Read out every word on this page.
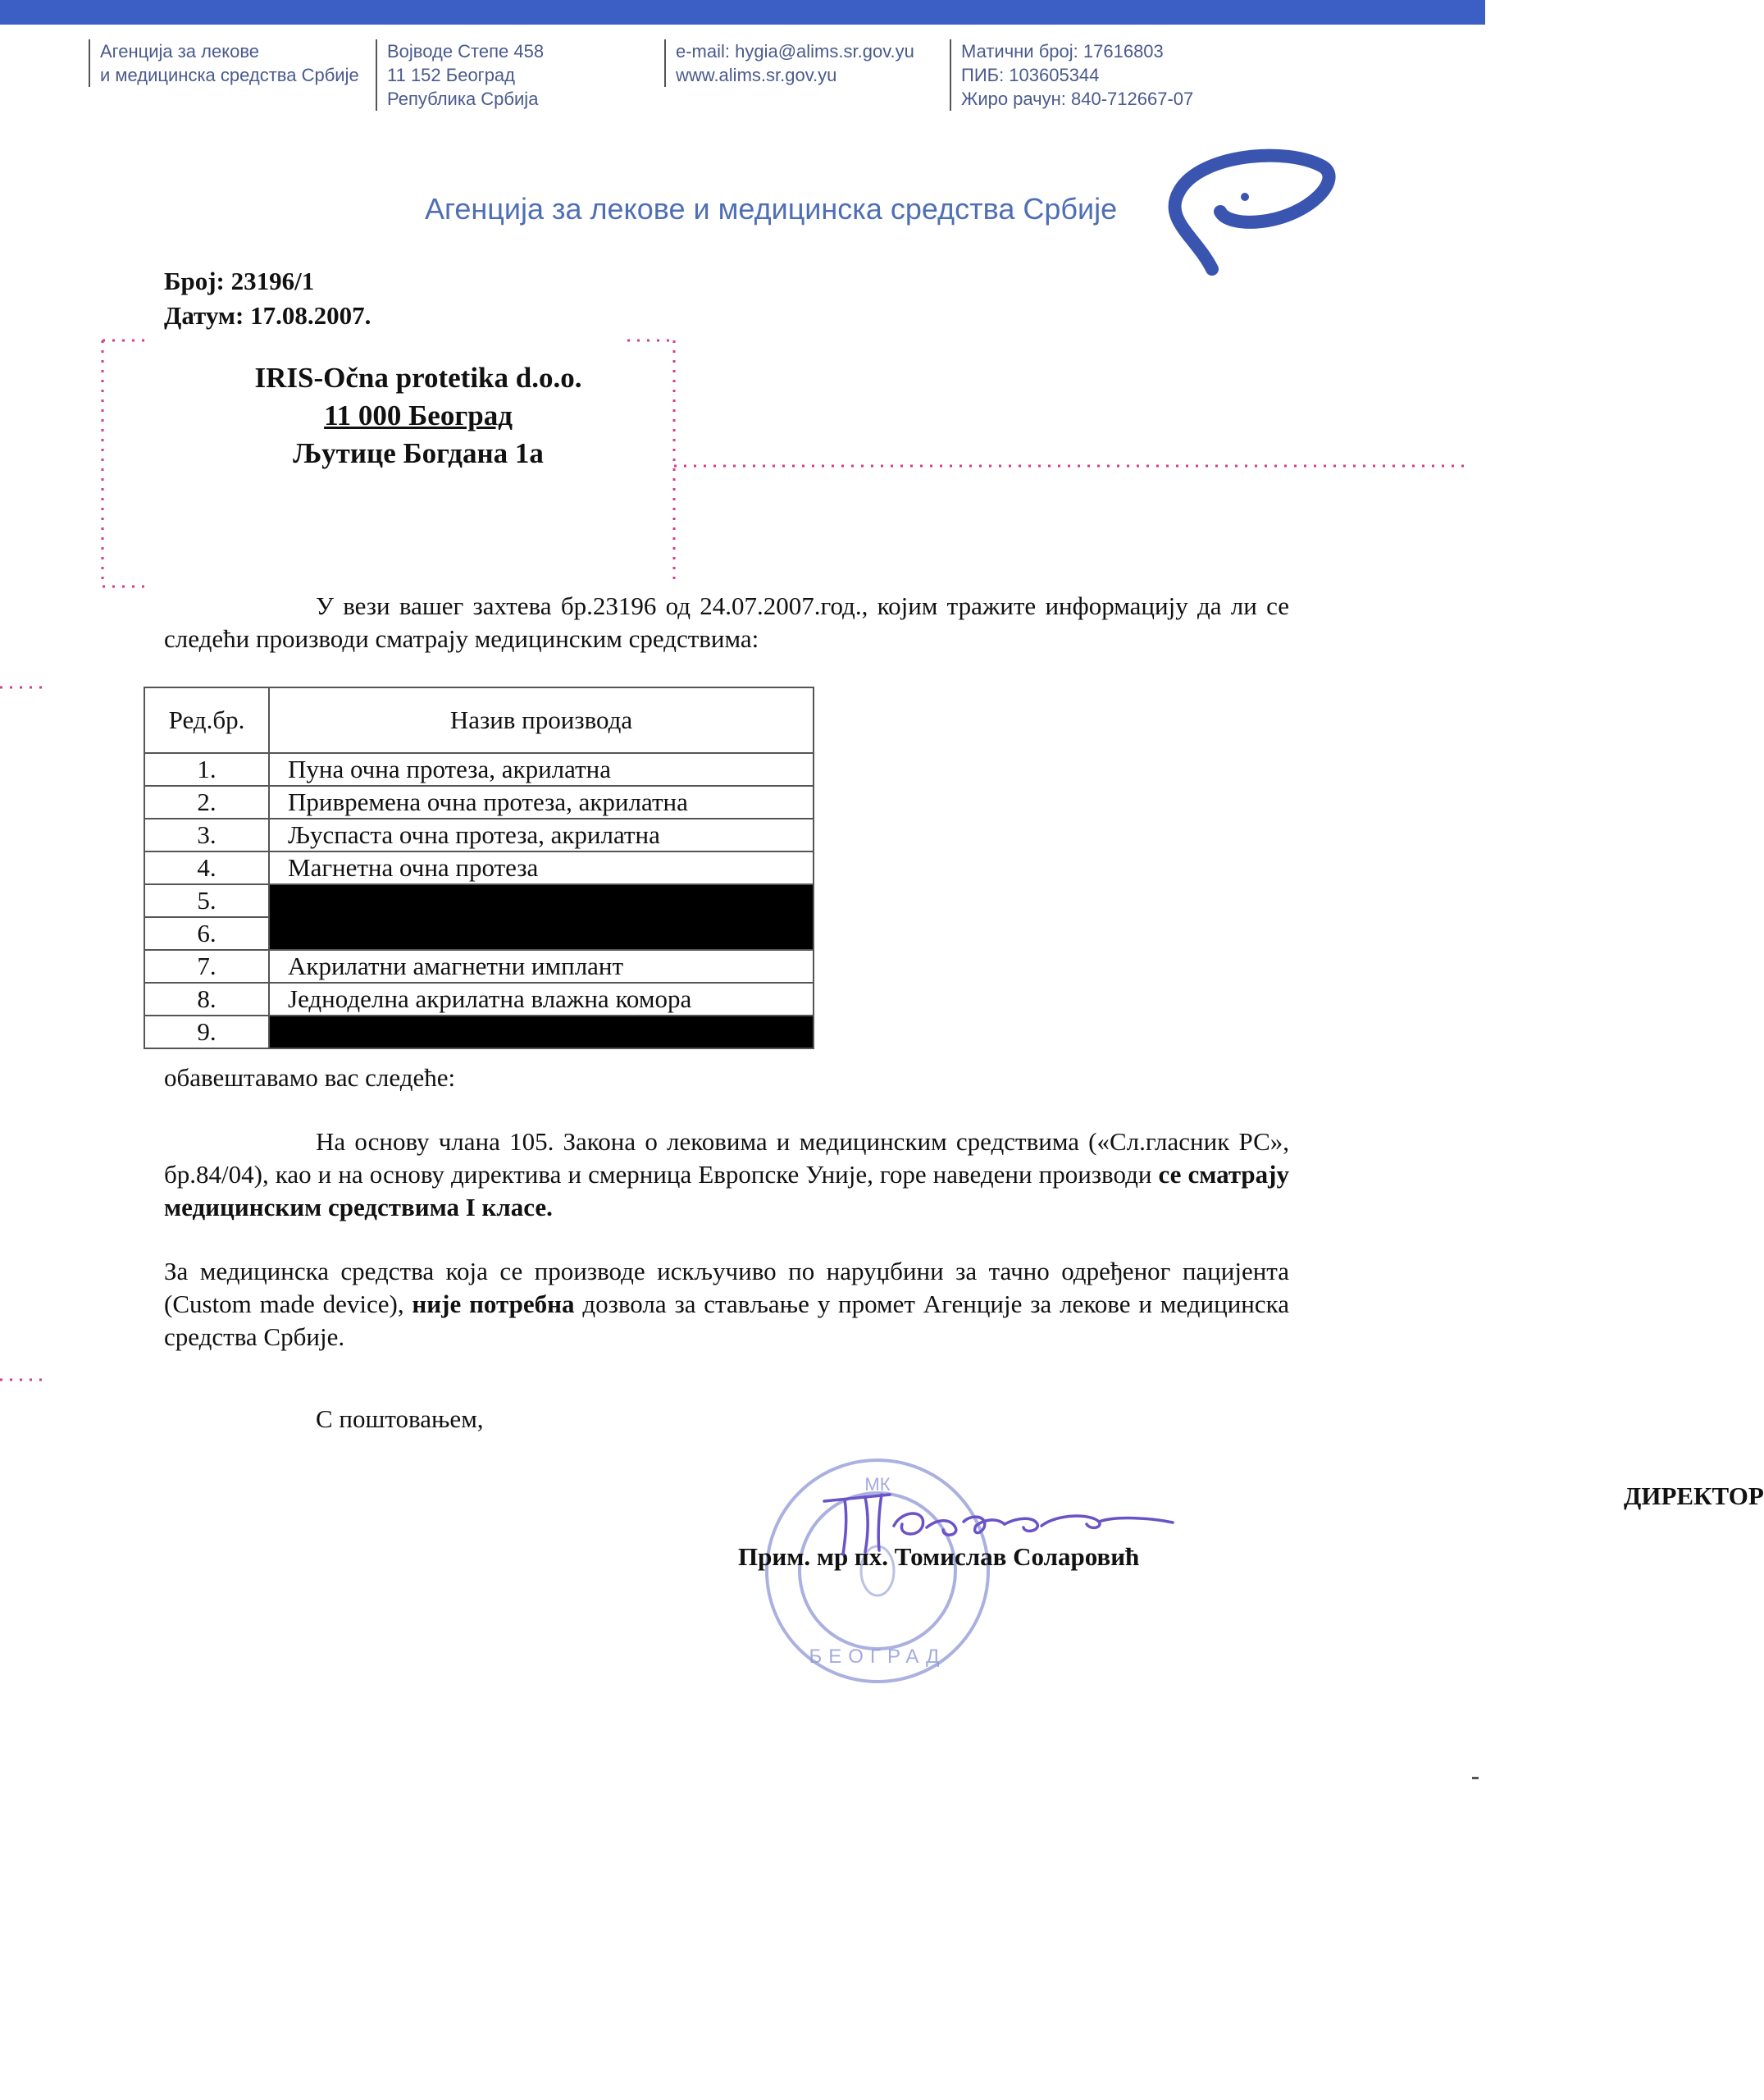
Агенција за лекове
и медицинска средства Србије
Војводе Степе 458
11 152 Београд
Република Србија
e-mail: hygia@alims.sr.gov.yu
www.alims.sr.gov.yu
Матични број: 17616803
ПИБ: 103605344
Жиро рачун: 840-712667-07
Агенција за лекове и медицинска средства Србије
Број: 23196/1
Датум: 17.08.2007.
IRIS-Očna protetika d.o.o.
11 000 Београд
Љутице Богдана 1а

У вези вашег захтева бр.23196 од 24.07.2007.год., којим тражите информацију да ли се следећи производи сматрају медицинским средствима:

Ред.бр.	Назив производа
1.	Пуна очна протеза, акрилатна
2.	Привремена очна протеза, акрилатна
3.	Љуспаста очна протеза, акрилатна
4.	Магнетна очна протеза
5.	
6.	
7.	Акрилатни амагнетни имплант
8.	Једноделна акрилатна влажна комора
9.	

обавештавамо вас следеће:

На основу члана 105. Закона о лековима и медицинским средствима («Сл.гласник РС», бр.84/04), као и на основу директива и смерница Европске Уније, горе наведени производи се сматрају медицинским средствима I класе.

За медицинска средства која се производе искључиво по наруџбини за тачно одређеног пацијента (Custom made device), није потребна дозвола за стављање у промет Агенције за лекове и медицинска средства Србије.

С поштовањем,
МК
БЕОГРАД
ДИРЕКТОР
Прим. мр пх. Томислав Соларовић
